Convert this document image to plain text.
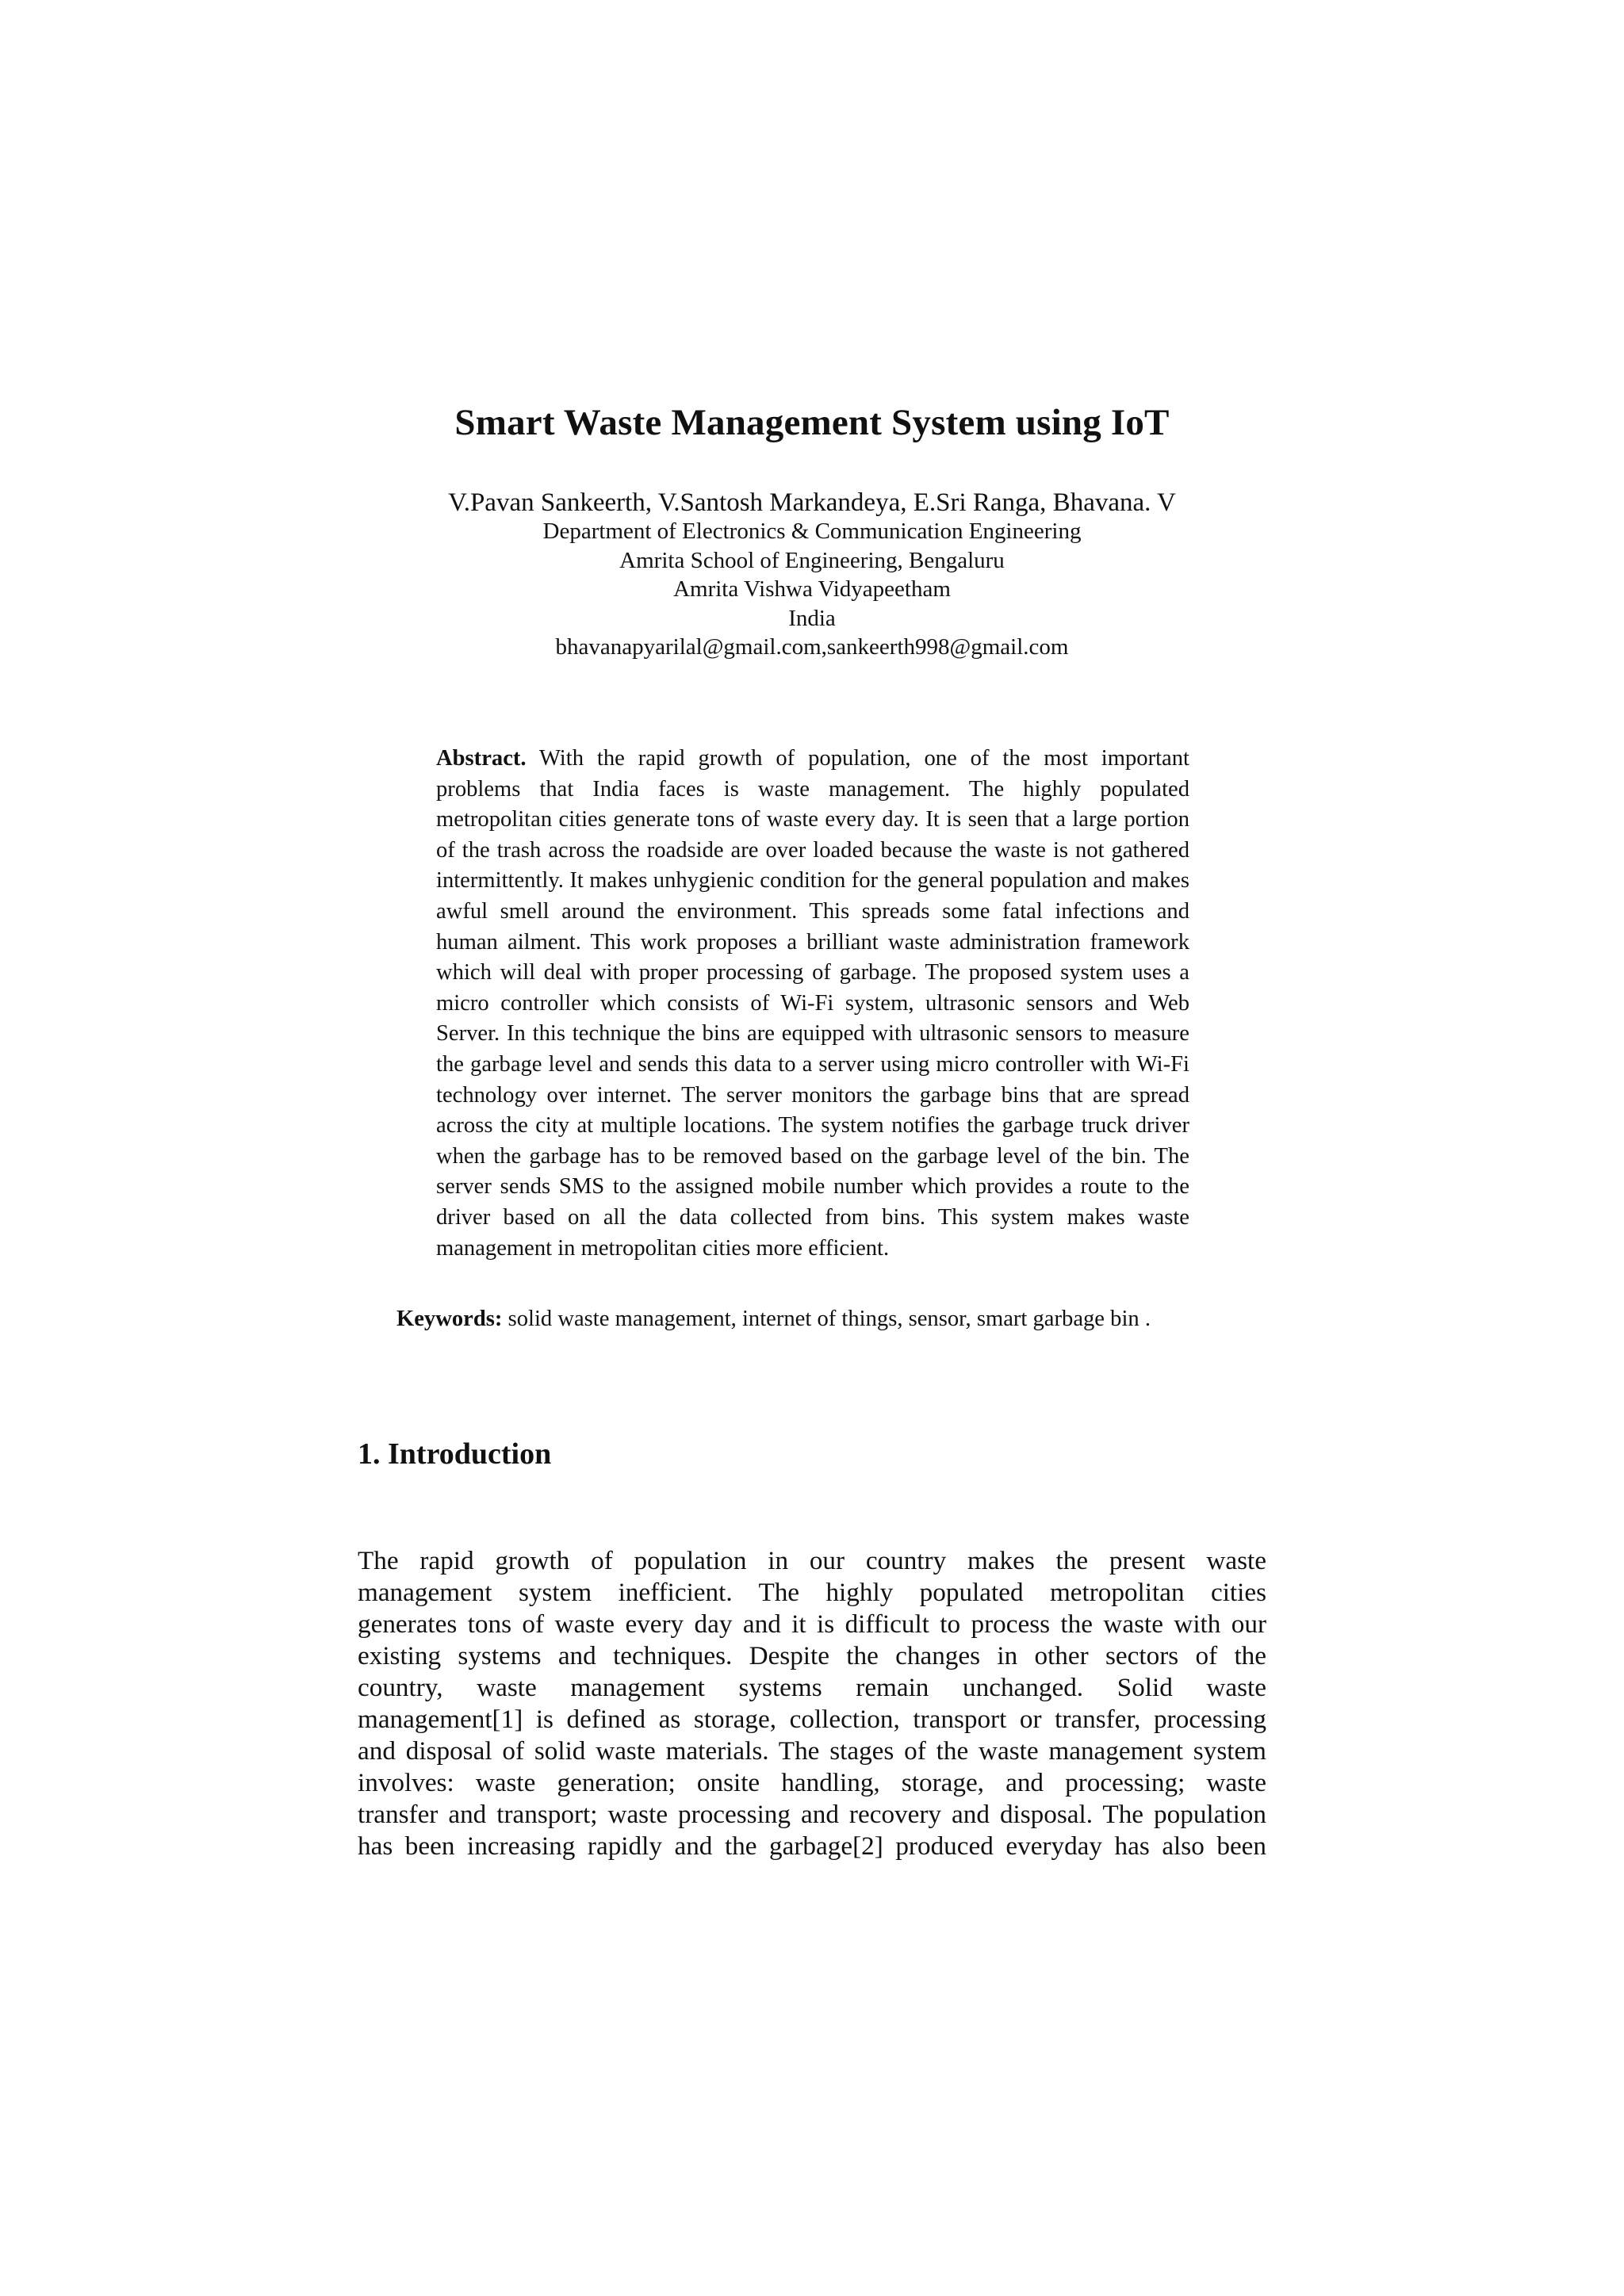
Smart Waste Management System using IoT
V.Pavan Sankeerth, V.Santosh Markandeya, E.Sri Ranga, Bhavana. V
Department of Electronics & Communication Engineering
Amrita School of Engineering, Bengaluru
Amrita Vishwa Vidyapeetham
India
bhavanapyarilal@gmail.com,sankeerth998@gmail.com
Abstract. With the rapid growth of population, one of the most important problems that India faces is waste management. The highly populated metropolitan cities generate tons of waste every day. It is seen that a large portion of the trash across the roadside are over loaded because the waste is not gathered intermittently. It makes unhygienic condition for the general population and makes awful smell around the environment. This spreads some fatal infections and human ailment. This work proposes a brilliant waste administration framework which will deal with proper processing of garbage. The proposed system uses a micro controller which consists of Wi-Fi system, ultrasonic sensors and Web Server. In this technique the bins are equipped with ultrasonic sensors to measure the garbage level and sends this data to a server using micro controller with Wi-Fi technology over internet. The server monitors the garbage bins that are spread across the city at multiple locations. The system notifies the garbage truck driver when the garbage has to be removed based on the garbage level of the bin. The server sends SMS to the assigned mobile number which provides a route to the driver based on all the data collected from bins. This system makes waste management in metropolitan cities more efficient.
Keywords: solid waste management, internet of things, sensor, smart garbage bin .
1. Introduction
The rapid growth of population in our country makes the present waste
management system inefficient. The highly populated metropolitan cities
generates tons of waste every day and it is difficult to process the waste with our
existing systems and techniques. Despite the changes in other sectors of the
country, waste management systems remain unchanged. Solid waste
management[1] is defined as storage, collection, transport or transfer, processing
and disposal of solid waste materials. The stages of the waste management system
involves: waste generation; onsite handling, storage, and processing; waste
transfer and transport; waste processing and recovery and disposal. The population
has been increasing rapidly and the garbage[2] produced everyday has also been
